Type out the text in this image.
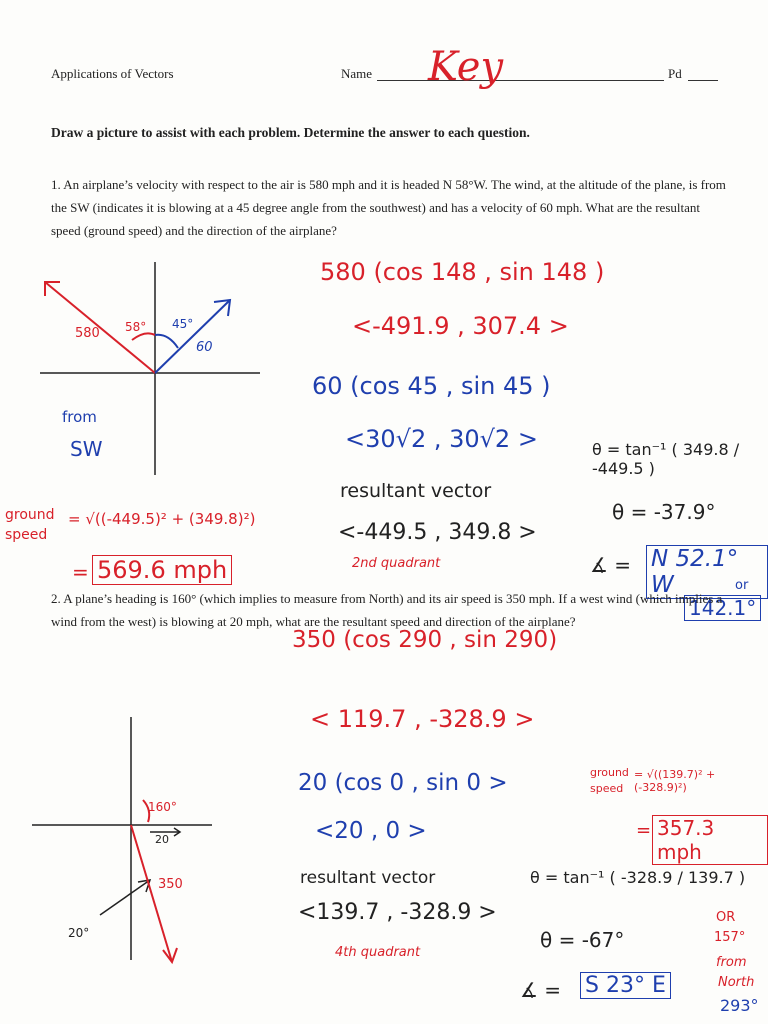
Applications of Vectors	Name Key	Pd
Draw a picture to assist with each problem. Determine the answer to each question.
1. An airplane’s velocity with respect to the air is 580 mph and it is headed N 58°W. The wind, at the altitude of the plane, is from the SW (indicates it is blowing at a 45 degree angle from the southwest) and has a velocity of 60 mph. What are the resultant speed (ground speed) and the direction of the airplane?
580 58° 45°
60
from
SW
580 (cos 148 , sin 148 )
<-491.9 , 307.4 >
60 (cos 45 , sin 45 )
<30√2 , 30√2 >
resultant vector
<-449.5 , 349.8 >
2nd quadrant
ground speed
= √((-449.5)² + (349.8)²)
= 569.6 mph
θ = tan⁻¹ ( 349.8 / -449.5 )
θ = -37.9°
∡ = N 52.1° W	or
142.1°
2. A plane’s heading is 160° (which implies to measure from North) and its air speed is 350 mph. If a west wind (which implies a wind from the west) is blowing at 20 mph, what are the resultant speed and direction of the airplane?
160°
20
350
20°
350 (cos 290 , sin 290)
< 119.7 , -328.9 >
20 (cos 0 , sin 0 >
<20 , 0 >
resultant vector
<139.7 , -328.9 >
4th quadrant
ground speed
= √((139.7)² + (-328.9)²)
= 357.3 mph
θ = tan⁻¹ ( -328.9 / 139.7 )
θ = -67°
∡ = S 23° E
OR
157°
from
North
293°
